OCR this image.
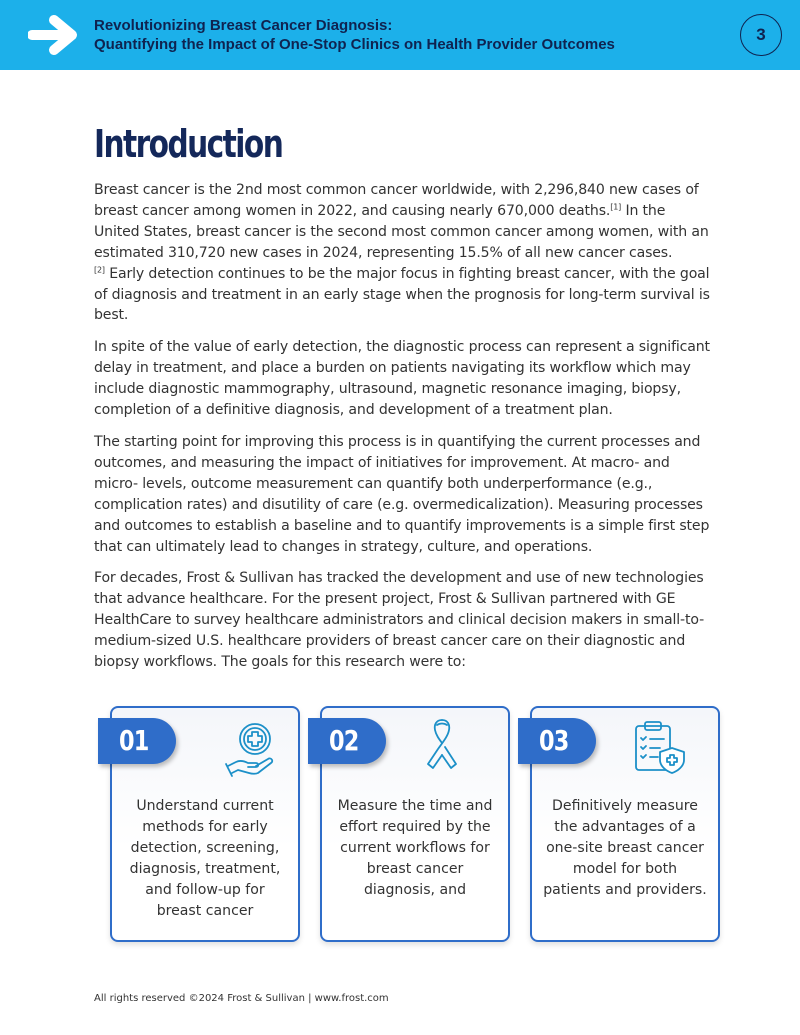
Revolutionizing Breast Cancer Diagnosis:
Quantifying the Impact of One-Stop Clinics on Health Provider Outcomes
3
Introduction

Breast cancer is the 2nd most common cancer worldwide, with 2,296,840 new cases of breast cancer among women in 2022, and causing nearly 670,000 deaths.[1] In the United States, breast cancer is the second most common cancer among women, with an estimated 310,720 new cases in 2024, representing 15.5% of all new cancer cases.
[2] Early detection continues to be the major focus in fighting breast cancer, with the goal of diagnosis and treatment in an early stage when the prognosis for long-term survival is best.

In spite of the value of early detection, the diagnostic process can represent a significant delay in treatment, and place a burden on patients navigating its workflow which may include diagnostic mammography, ultrasound, magnetic resonance imaging, biopsy, completion of a definitive diagnosis, and development of a treatment plan.

The starting point for improving this process is in quantifying the current processes and outcomes, and measuring the impact of initiatives for improvement. At macro- and micro- levels, outcome measurement can quantify both underperformance (e.g., complication rates) and disutility of care (e.g. overmedicalization). Measuring processes and outcomes to establish a baseline and to quantify improvements is a simple first step that can ultimately lead to changes in strategy, culture, and operations.

For decades, Frost & Sullivan has tracked the development and use of new technologies that advance healthcare. For the present project, Frost & Sullivan partnered with GE HealthCare to survey healthcare administrators and clinical decision makers in small-to-medium-sized U.S. healthcare providers of breast cancer care on their diagnostic and biopsy workflows. The goals for this research were to:

01
Understand current methods for early detection, screening, diagnosis, treatment, and follow-up for breast cancer
02
Measure the time and effort required by the current workflows for breast cancer diagnosis, and
03
Definitively measure the advantages of a one-site breast cancer model for both patients and providers.
All rights reserved ©2024 Frost & Sullivan | www.frost.com
